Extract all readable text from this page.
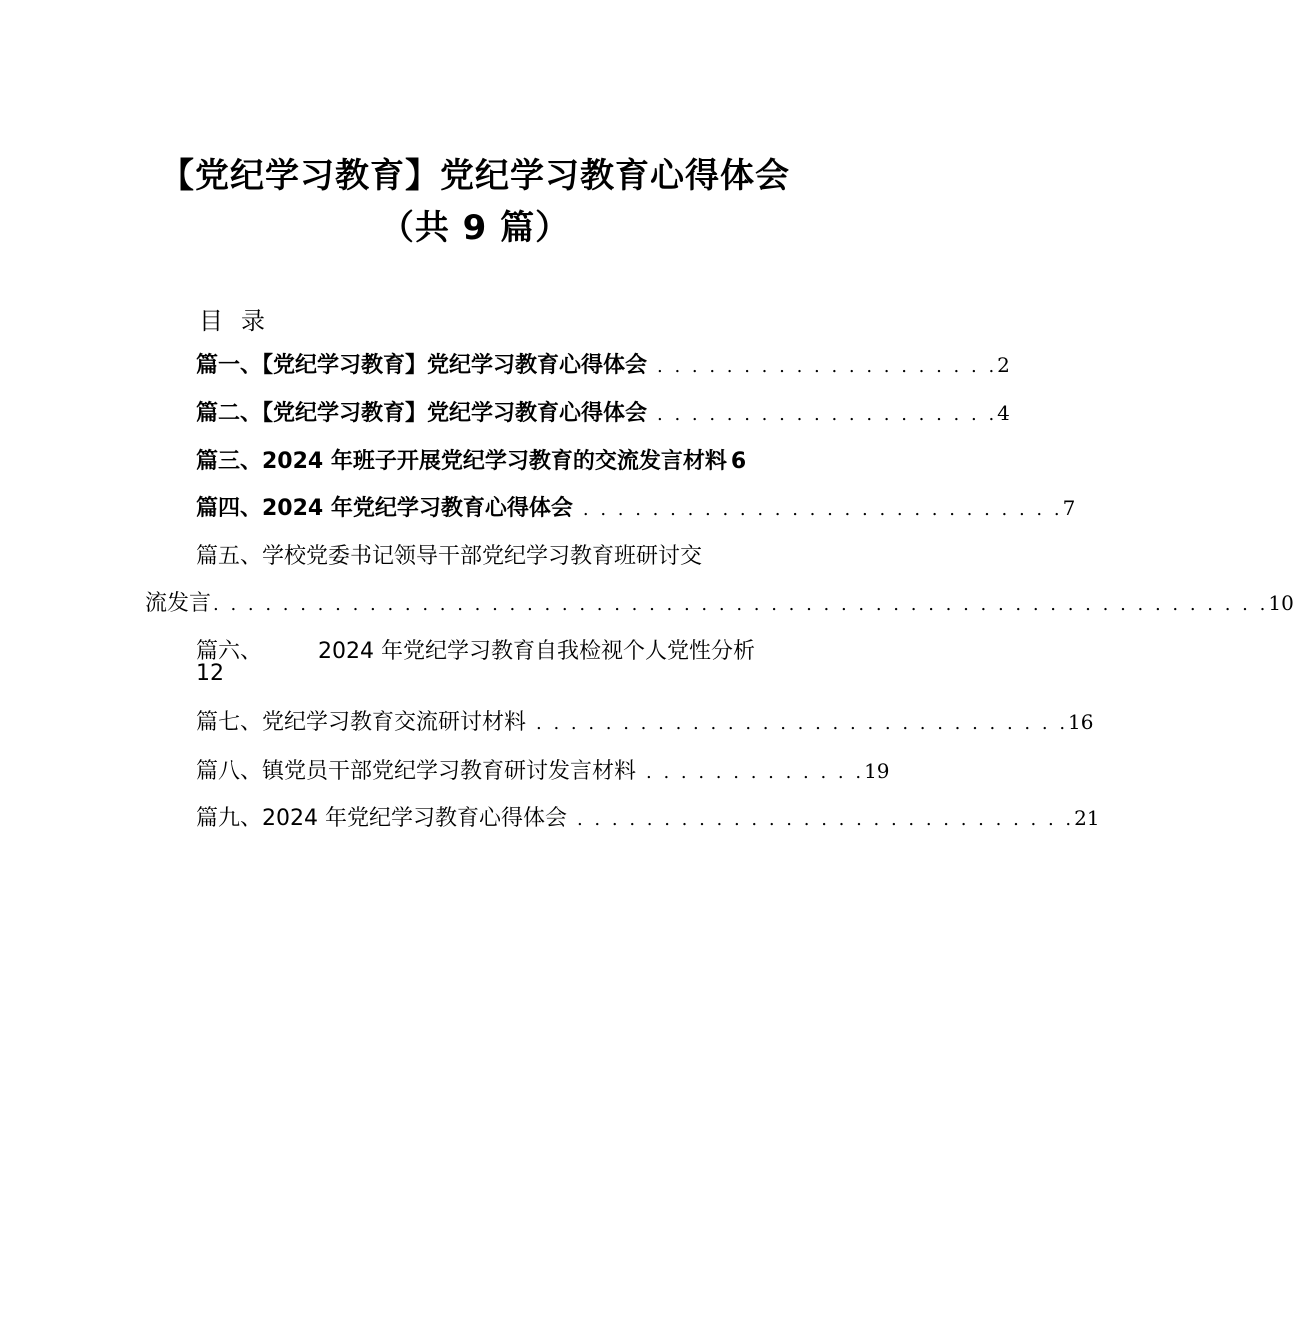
【党纪学习教育】党纪学习教育心得体会
（共 9 篇）
目录
篇一、【党纪学习教育】党纪学习教育心得体会 . . . . . . . . . . . . . . . . . . . . 2
篇二、【党纪学习教育】党纪学习教育心得体会 . . . . . . . . . . . . . . . . . . . . 4
篇三、2024 年班子开展党纪学习教育的交流发言材料 6
篇四、2024 年党纪学习教育心得体会 . . . . . . . . . . . . . . . . . . . . . . . . . . . . 7
篇五、学校党委书记领导干部党纪学习教育班研讨交
流发言 . . . . . . . . . . . . . . . . . . . . . . . . . . . . . . . . . . . . . . . . . . . . . . . . . . . . . . . . . . . . . 10
篇六、	2024 年党纪学习教育自我检视个人党性分析
12
篇七、党纪学习教育交流研讨材料 . . . . . . . . . . . . . . . . . . . . . . . . . . . . . . . 16
篇八、 镇党员干部党纪学习教育研讨发言材料 . . . . . . . . . . . . . 19
篇九、2024 年党纪学习教育心得体会 . . . . . . . . . . . . . . . . . . . . . . . . . . . . . 21
